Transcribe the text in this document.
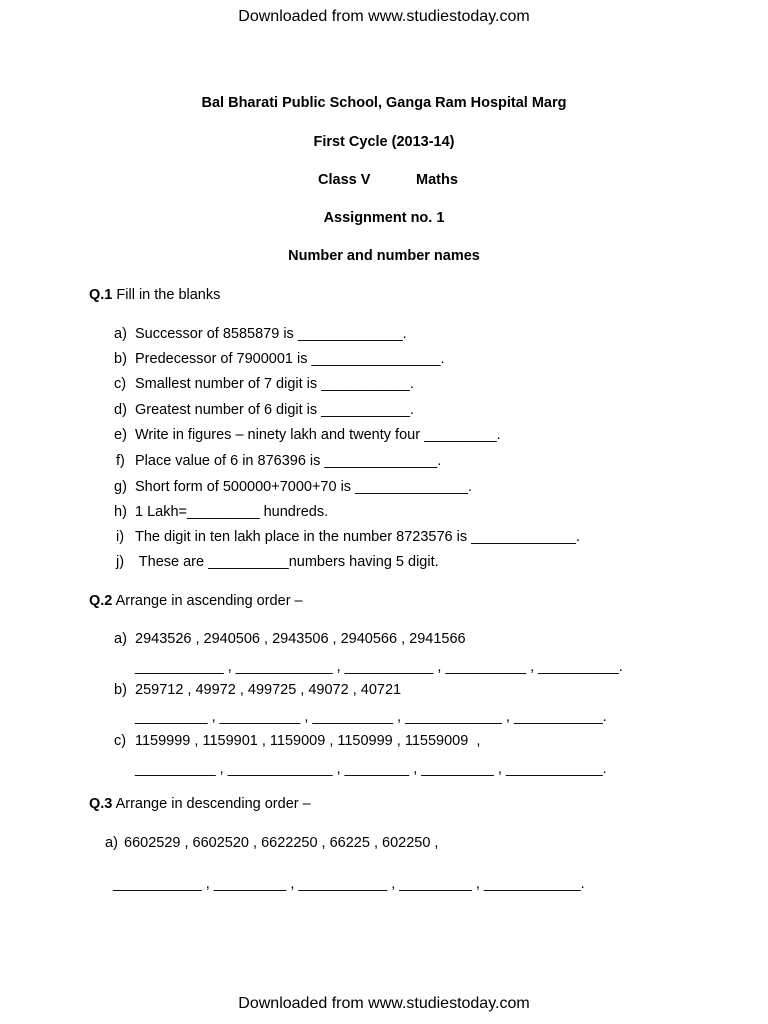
Downloaded from www.studiestoday.com
Bal Bharati Public School, Ganga Ram Hospital Marg
First Cycle (2013-14)
Class V	Maths
Assignment no. 1
Number and number names
Q.1 Fill in the blanks
a) Successor of 8585879 is _____________.
b) Predecessor of 7900001 is ________________.
c) Smallest number of 7 digit is ___________.
d) Greatest number of 6 digit is ___________.
e) Write in figures – ninety lakh and twenty four _________.
f) Place value of 6 in 876396 is ______________.
g) Short form of 500000+7000+70 is ______________.
h) 1 Lakh=_________ hundreds.
i) The digit in ten lakh place in the number 8723576 is _____________.
j) These are __________numbers having 5 digit.
Q.2 Arrange in ascending order –
a) 2943526 , 2940506 , 2943506 , 2940566 , 2941566
___________ , ____________ , ___________ , __________ , __________.
b) 259712 , 49972 , 499725 , 49072 , 40721
_________ , __________ , __________ , ____________ , ___________.
c) 1159999 , 1159901 , 1159009 , 1150999 , 11559009  ,
__________ , _____________ , ________ , _________ , ____________.
Q.3 Arrange in descending order –
a) 6602529 , 6602520 , 6622250 , 66225 , 602250 ,
___________ , _________ , ___________ , _________ , ____________.
Downloaded from www.studiestoday.com
